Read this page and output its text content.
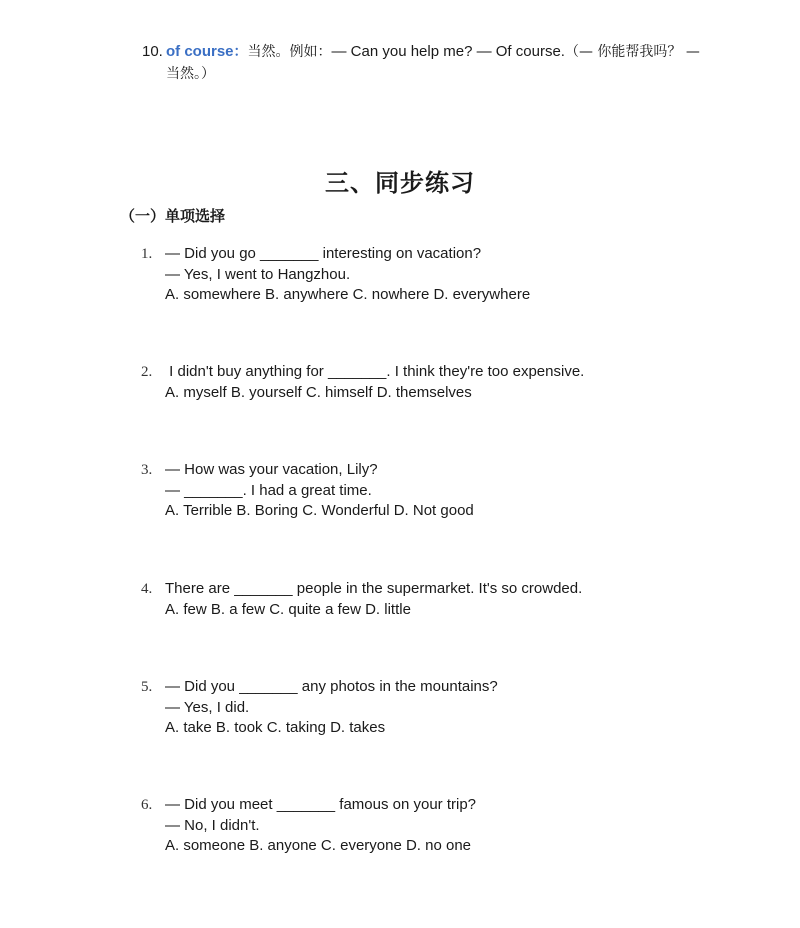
10. of course：当然。例如：— Can you help me? — Of course.（— 你能帮我吗？ —
当然。）
三、同步练习
（一）单项选择
1. — Did you go _______ interesting on vacation?
— Yes, I went to Hangzhou.
A. somewhere B. anywhere C. nowhere D. everywhere
2. I didn't buy anything for _______. I think they're too expensive.
A. myself B. yourself C. himself D. themselves
3. — How was your vacation, Lily?
— _______. I had a great time.
A. Terrible B. Boring C. Wonderful D. Not good
4. There are _______ people in the supermarket. It's so crowded.
A. few B. a few C. quite a few D. little
5. — Did you _______ any photos in the mountains?
— Yes, I did.
A. take B. took C. taking D. takes
6. — Did you meet _______ famous on your trip?
— No, I didn't.
A. someone B. anyone C. everyone D. no one
